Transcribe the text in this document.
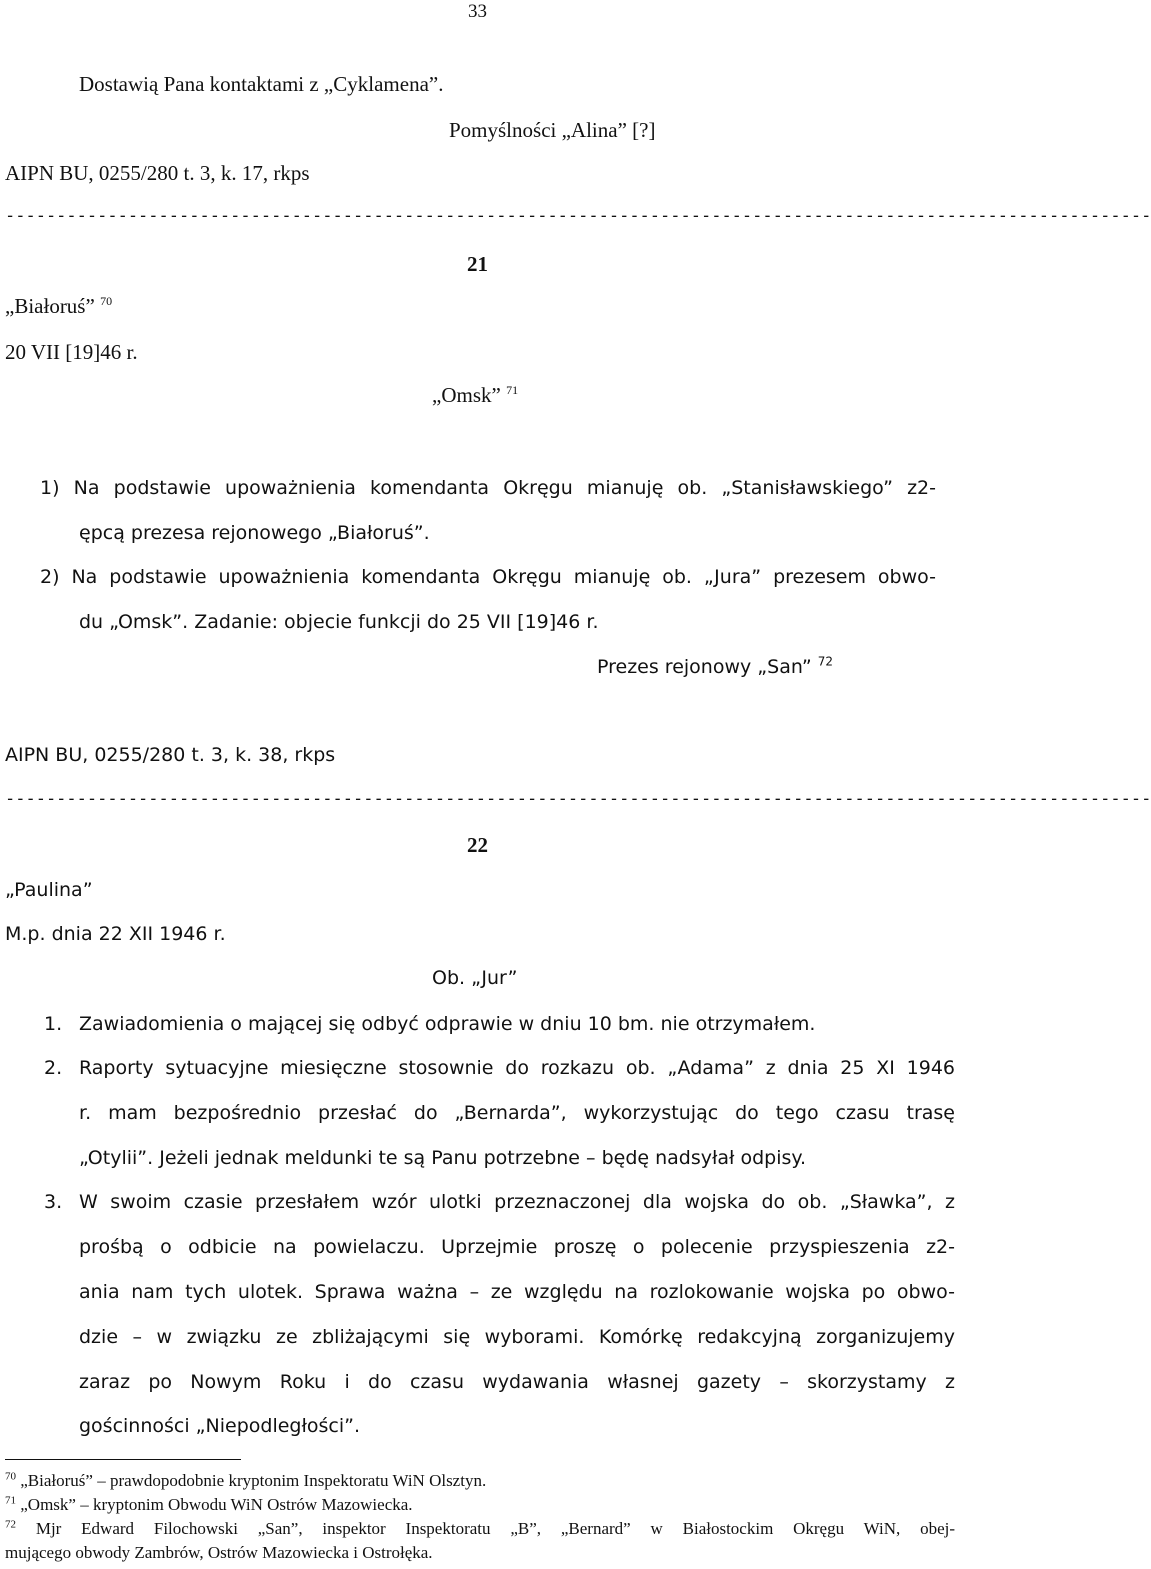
33
Dostawią Pana kontaktami z „Cyklamena”.
Pomyślności „Alina” [?]
AIPN BU, 0255/280 t. 3, k. 17, rkps
----------------------------------------------------------------------------------------------------------------
21
„Białoruś” $^{70}$
20 VII [19]46 r.
„Omsk” $^{71}$
1) Na podstawie upoważnienia komendanta Okręgu mianuję ob. „Stanisławskiego” z2-
ępcą prezesa rejonowego „Białoruś”.
2) Na podstawie upoważnienia komendanta Okręgu mianuję ob. „Jura” prezesem obwo-
du „Omsk”. Zadanie: objecie funkcji do 25 VII [19]46 r.
Prezes rejonowy „San” $^{72}$
AIPN BU, 0255/280 t. 3, k. 38, rkps
----------------------------------------------------------------------------------------------------------------
22
„Paulina”
M.p. dnia 22 XII 1946 r.
Ob. „Jur”
1. Zawiadomienia o mającej się odbyć odprawie w dniu 10 bm. nie otrzymałem.
2. Raporty sytuacyjne miesięczne stosownie do rozkazu ob. „Adama” z dnia 25 XI 1946
r. mam bezpośrednio przesłać do „Bernarda”, wykorzystując do tego czasu trasę
„Otylii”. Jeżeli jednak meldunki te są Panu potrzebne – będę nadsyłał odpisy.
3. W swoim czasie przesłałem wzór ulotki przeznaczonej dla wojska do ob. „Sławka”, z
prośbą o odbicie na powielaczu. Uprzejmie proszę o polecenie przyspieszenia z2-
ania nam tych ulotek. Sprawa ważna – ze względu na rozlokowanie wojska po obwo-
dzie – w związku ze zbliżającymi się wyborami. Komórkę redakcyjną zorganizujemy
zaraz po Nowym Roku i do czasu wydawania własnej gazety – skorzystamy z
gościnności „Niepodległości”.
$^{70}$ „Białoruś” – prawdopodobnie kryptonim Inspektoratu WiN Olsztyn.
$^{71}$ „Omsk” – kryptonim Obwodu WiN Ostrów Mazowiecka.
$^{72}$ Mjr Edward Filochowski „San”, inspektor Inspektoratu „B”, „Bernard” w Białostockim Okręgu WiN, obej-
mującego obwody Zambrów, Ostrów Mazowiecka i Ostrołęka.
